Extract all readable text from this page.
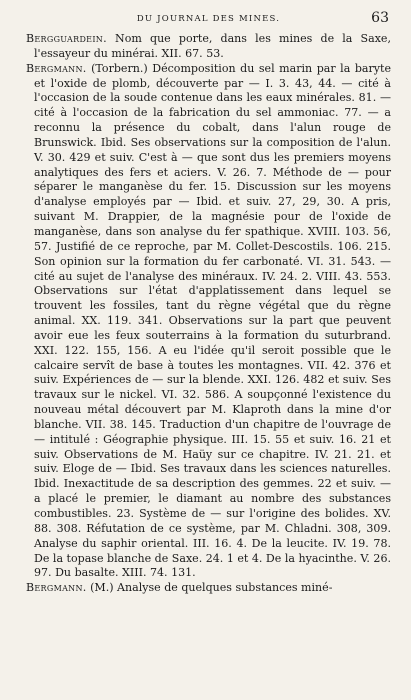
DU JOURNAL DES MINES.	63

Bergguardein. Nom que porte, dans les mines de la Saxe, l'essayeur du minérai. XII. 67. 53.

Bergmann. (Torbern.) Décomposition du sel marin par la baryte et l'oxide de plomb, découverte par — I. 3. 43, 44. — cité à l'occasion de la soude contenue dans les eaux minérales. 81. — cité à l'occasion de la fabrication du sel ammoniac. 77. — a reconnu la présence du cobalt, dans l'alun rouge de Brunswick. Ibid. Ses observations sur la composition de l'alun. V. 30. 429 et suiv. C'est à — que sont dus les premiers moyens analytiques des fers et aciers. V. 26. 7. Méthode de — pour séparer le manganèse du fer. 15. Discussion sur les moyens d'analyse employés par — Ibid. et suiv. 27, 29, 30. A pris, suivant M. Drappier, de la magnésie pour de l'oxide de manganèse, dans son analyse du fer spathique. XVIII. 103. 56, 57. Justifié de ce reproche, par M. Collet-Descostils. 106. 215. Son opinion sur la formation du fer carbonaté. VI. 31. 543. — cité au sujet de l'analyse des minéraux. IV. 24. 2. VIII. 43. 553. Observations sur l'état d'applatissement dans lequel se trouvent les fossiles, tant du règne végétal que du règne animal. XX. 119. 341. Observations sur la part que peuvent avoir eue les feux souterrains à la formation du suturbrand. XXI. 122. 155, 156. A eu l'idée qu'il seroit possible que le calcaire servît de base à toutes les montagnes. VII. 42. 376 et suiv. Expériences de — sur la blende. XXI. 126. 482 et suiv. Ses travaux sur le nickel. VI. 32. 586. A soupçonné l'existence du nouveau métal découvert par M. Klaproth dans la mine d'or blanche. VII. 38. 145. Traduction d'un chapitre de l'ouvrage de — intitulé : Géographie physique. III. 15. 55 et suiv. 16. 21 et suiv. Observations de M. Haüy sur ce chapitre. IV. 21. 21. et suiv. Eloge de — Ibid. Ses travaux dans les sciences naturelles. Ibid. Inexactitude de sa description des gemmes. 22 et suiv. — a placé le premier, le diamant au nombre des substances combustibles. 23. Système de — sur l'origine des bolides. XV. 88. 308. Réfutation de ce système, par M. Chladni. 308, 309. Analyse du saphir oriental. III. 16. 4. De la leucite. IV. 19. 78. De la topase blanche de Saxe. 24. 1 et 4. De la hyacinthe. V. 26. 97. Du basalte. XIII. 74. 131.

Bergmann. (M.) Analyse de quelques substances miné-
